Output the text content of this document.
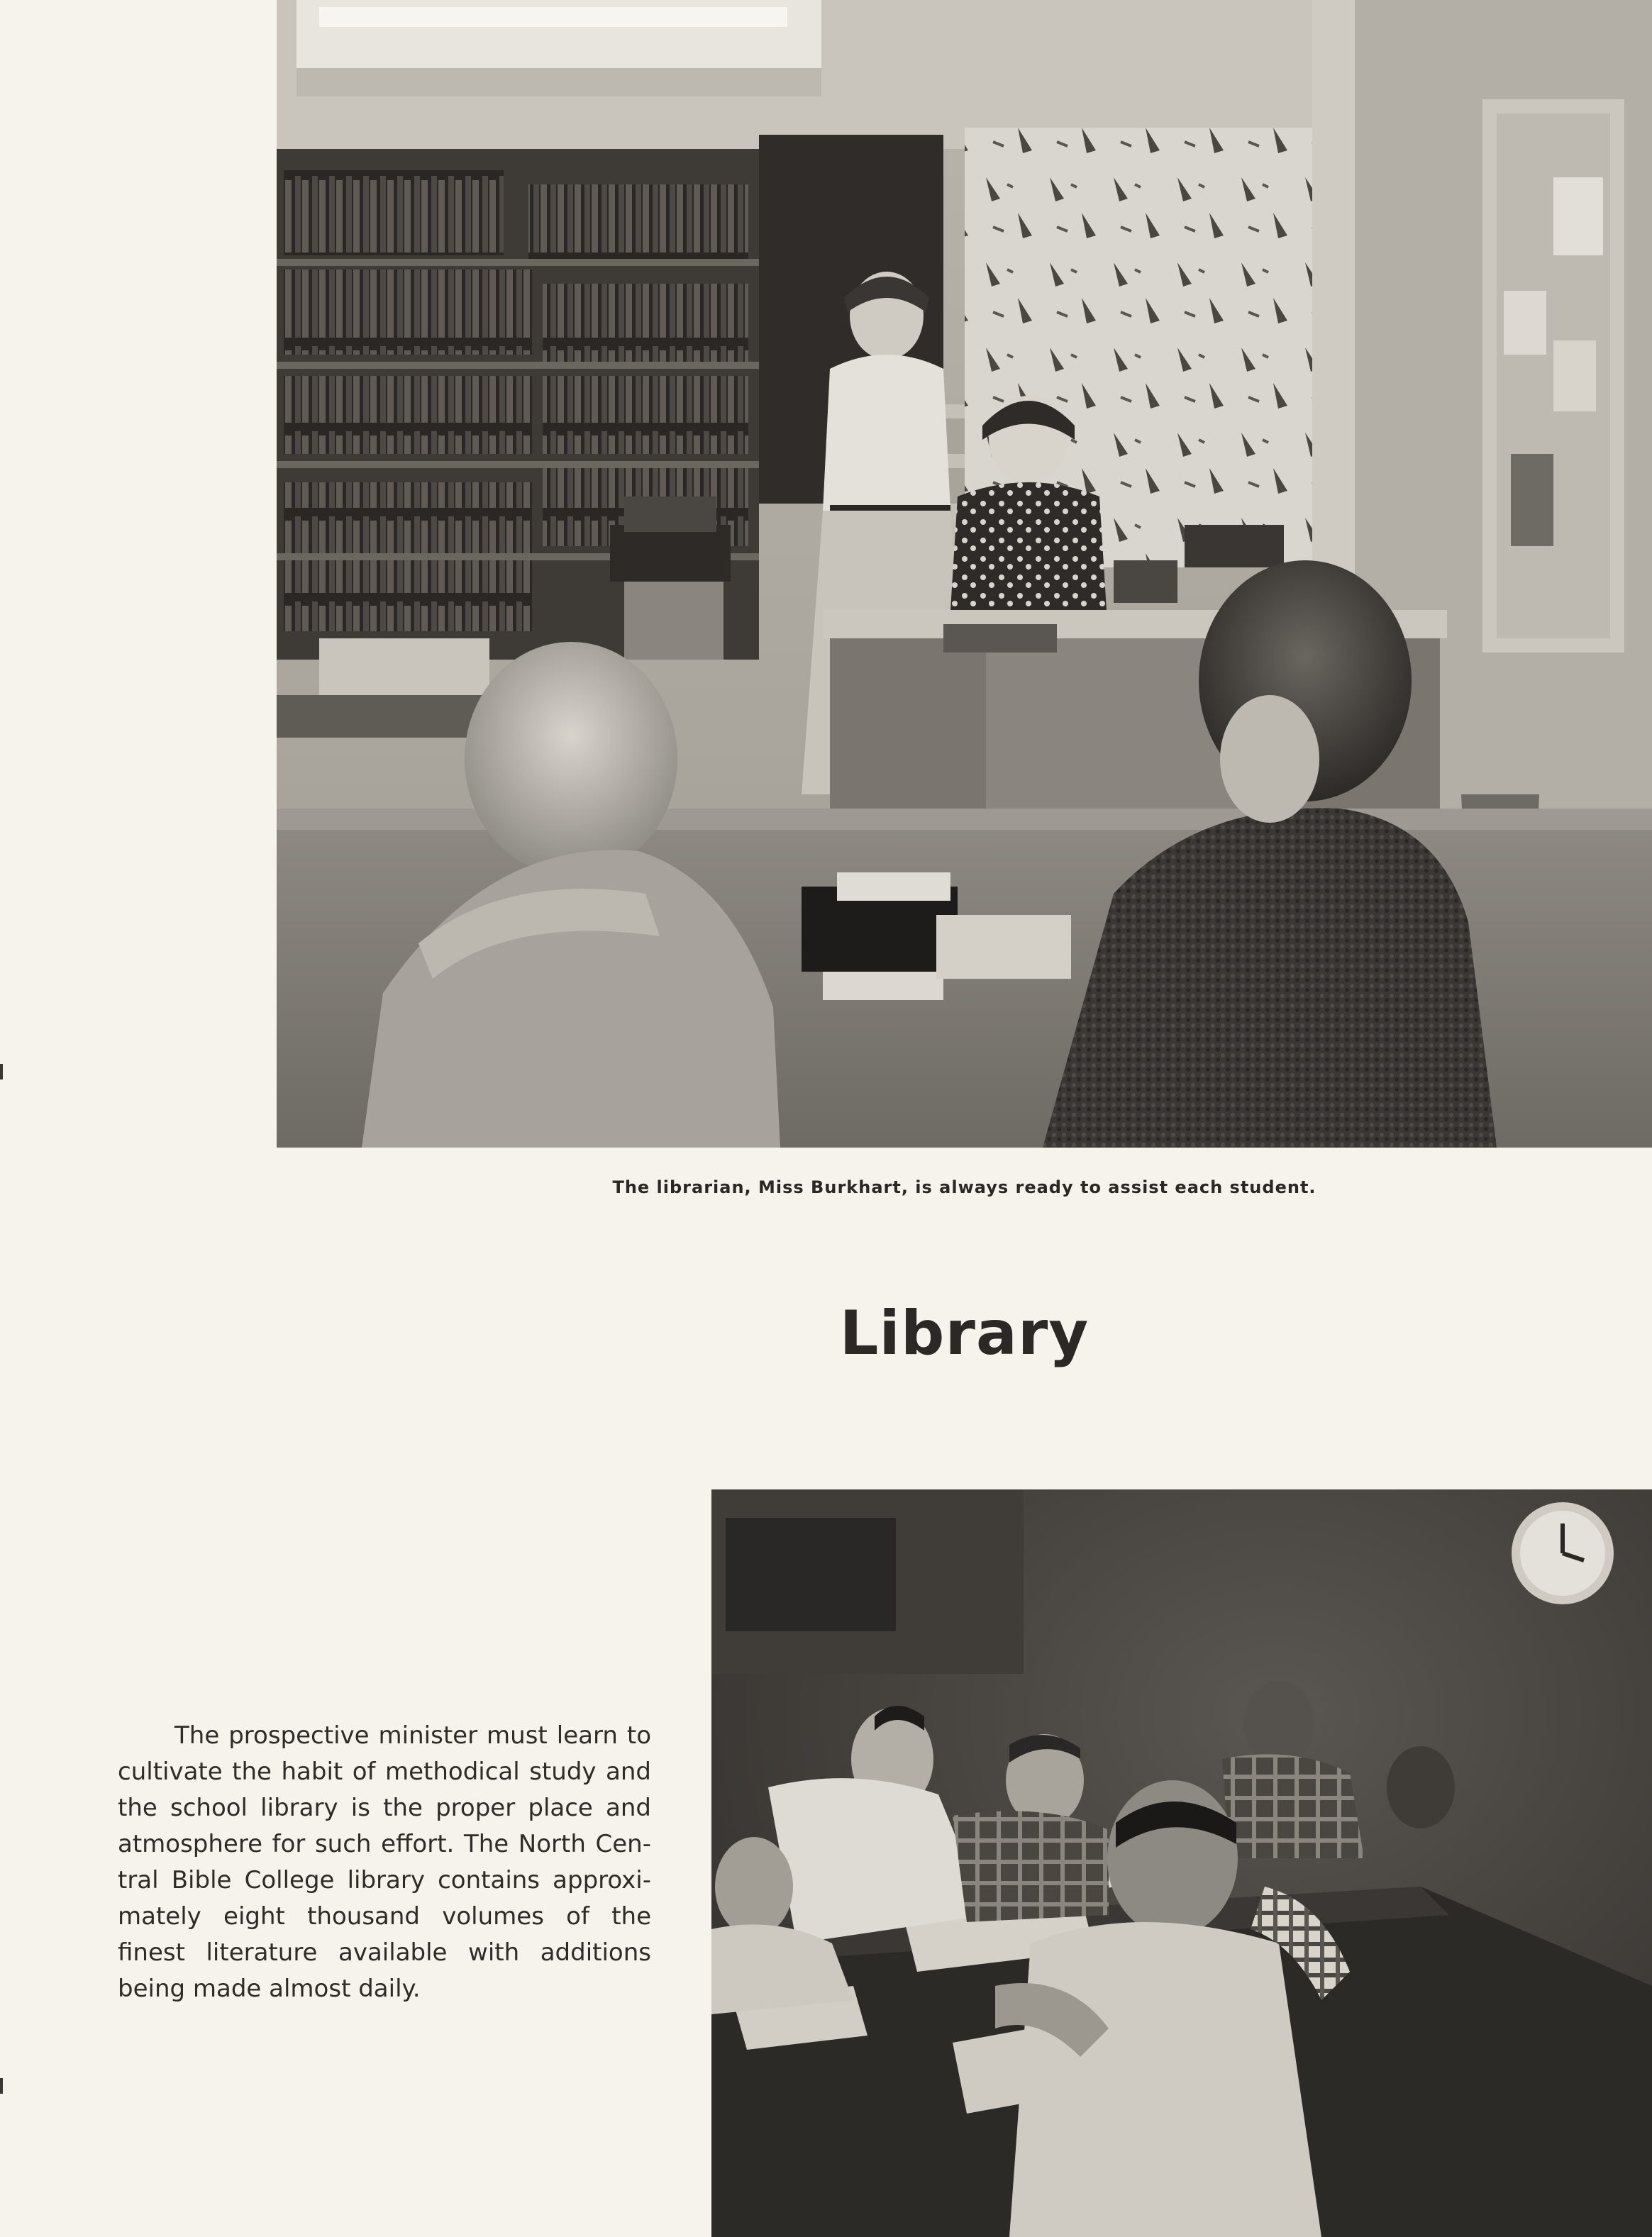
The librarian, Miss Burkhart, is always ready to assist each student.
Library
The prospective minister must learn to cultivate the habit of methodical study and the school library is the proper place and atmosphere for such effort. The North Central Bible College library contains approximately eight thousand volumes of the finest literature available with additions being made almost daily.
